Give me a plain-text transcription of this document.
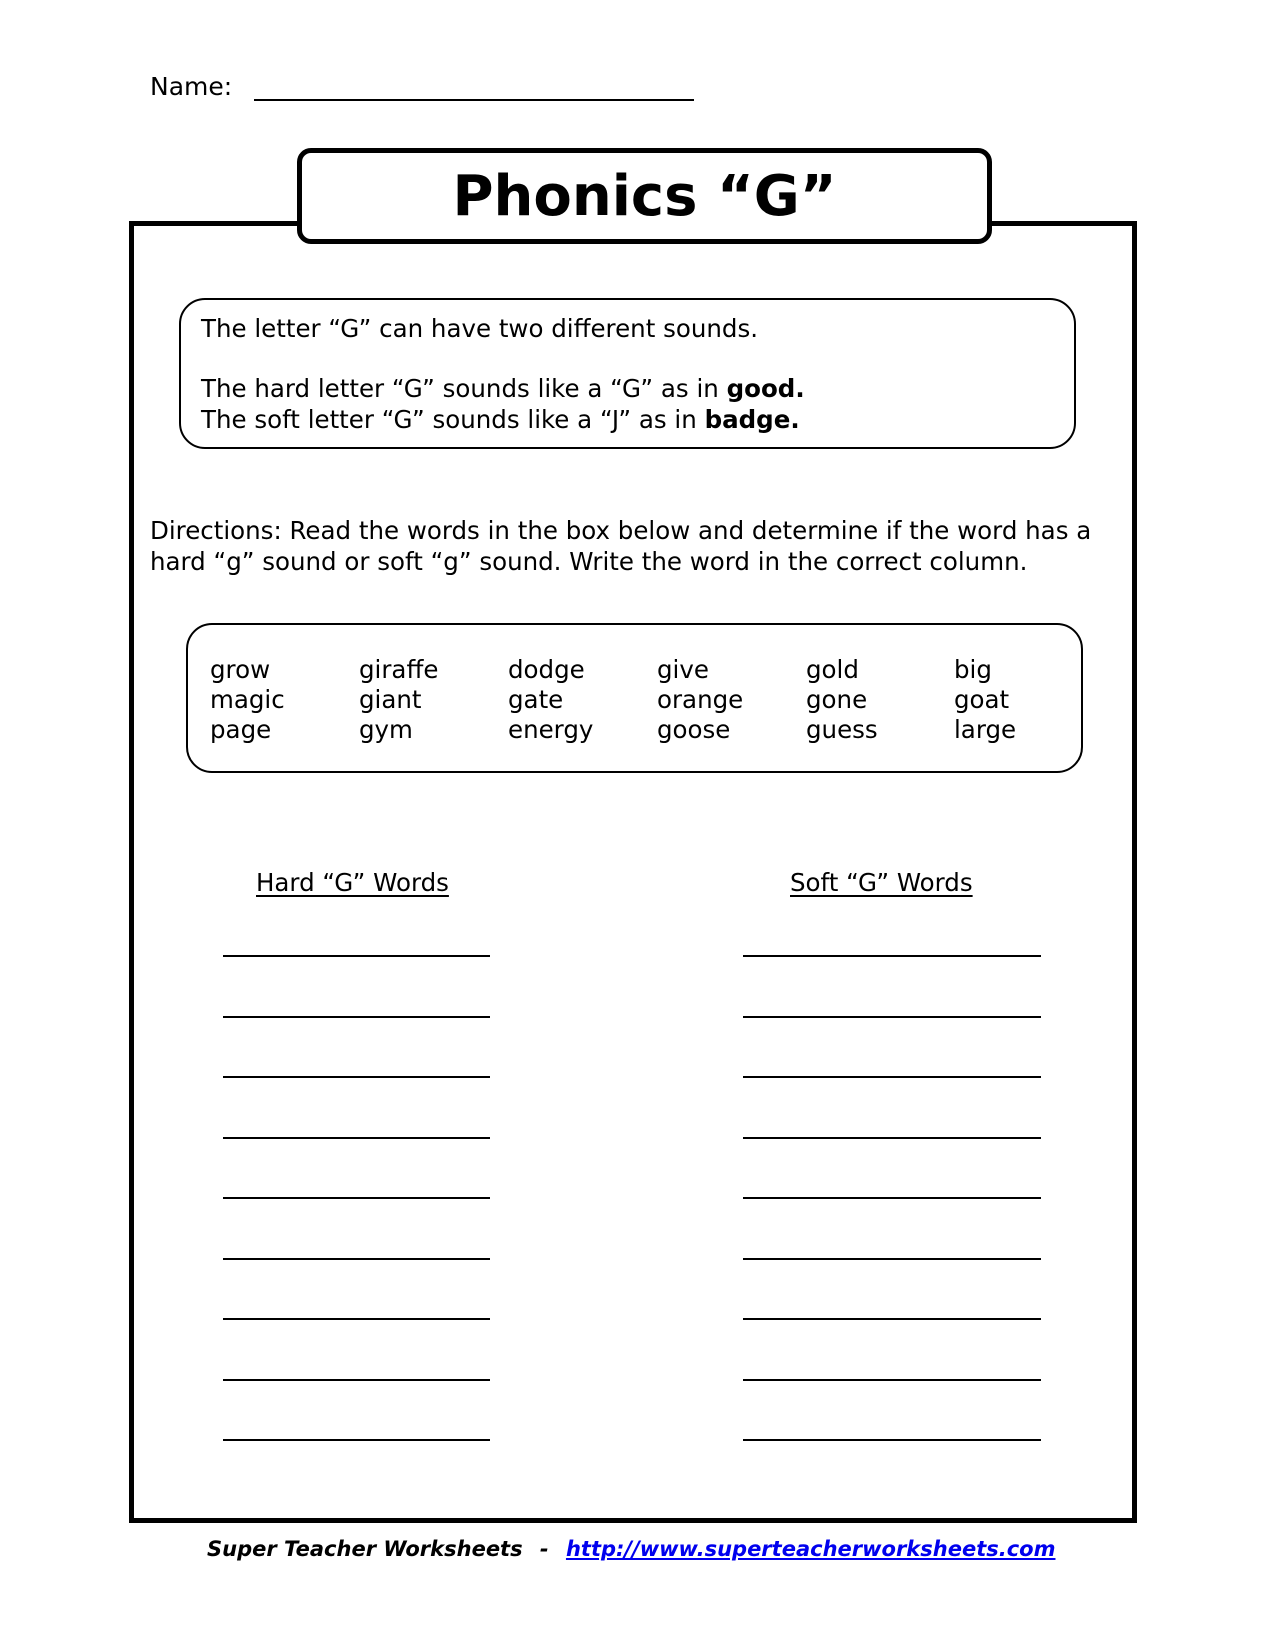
Name:
Phonics “G”

The letter “G” can have two different sounds.

The hard letter “G” sounds like a “G” as in good.

The soft letter “G” sounds like a “J” as in badge.

Directions: Read the words in the box below and determine if the word has a hard “g” sound or soft “g” sound. Write the word in the correct column.
grow
magic
page
giraffe
giant
gym
dodge
gate
energy
give
orange
goose
gold
gone
guess
big
goat
large
Hard “G” Words	Soft “G” Words
Super Teacher Worksheets - http://www.superteacherworksheets.com
